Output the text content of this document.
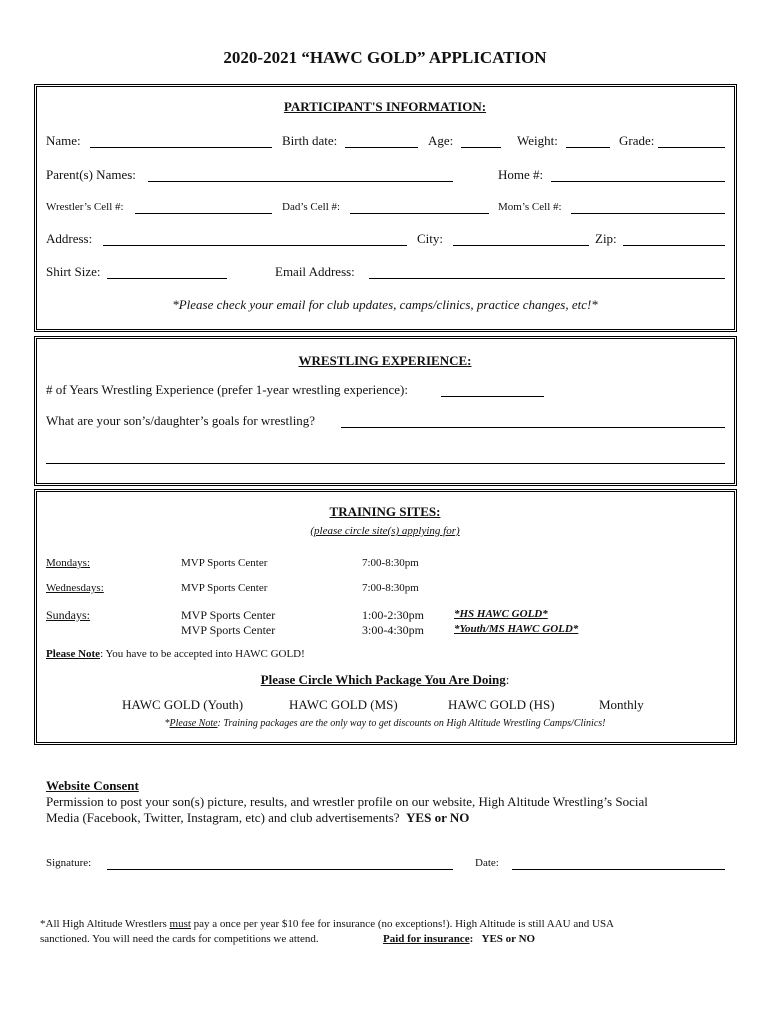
2020-2021 “HAWC GOLD” APPLICATION
PARTICIPANT'S INFORMATION:
Name:	Birth date:	Age:	Weight:	Grade:
Parent(s) Names:	Home #:
Wrestler’s Cell #:	Dad’s Cell #:	Mom’s Cell #:
Address:	City:	Zip:
Shirt Size:	Email Address:
*Please check your email for club updates, camps/clinics, practice changes, etc!*
WRESTLING EXPERIENCE:
# of Years Wrestling Experience (prefer 1-year wrestling experience):
What are your son’s/daughter’s goals for wrestling?
TRAINING SITES:
(please circle site(s) applying for)
Mondays:	MVP Sports Center	7:00-8:30pm
Wednesdays:	MVP Sports Center	7:00-8:30pm
Sundays:	MVP Sports Center	1:00-2:30pm	*HS HAWC GOLD*
MVP Sports Center	3:00-4:30pm	*Youth/MS HAWC GOLD*
Please Note: You have to be accepted into HAWC GOLD!
Please Circle Which Package You Are Doing:
HAWC GOLD (Youth)	HAWC GOLD (MS)	HAWC GOLD (HS)	Monthly
*Please Note: Training packages are the only way to get discounts on High Altitude Wrestling Camps/Clinics!
Website Consent
Permission to post your son(s) picture, results, and wrestler profile on our website, High Altitude Wrestling’s Social
Media (Facebook, Twitter, Instagram, etc) and club advertisements? YES or NO
Signature:	Date:
*All High Altitude Wrestlers must pay a once per year $10 fee for insurance (no exceptions!). High Altitude is still AAU and USA
sanctioned. You will need the cards for competitions we attend.	Paid for insurance: YES or NO
